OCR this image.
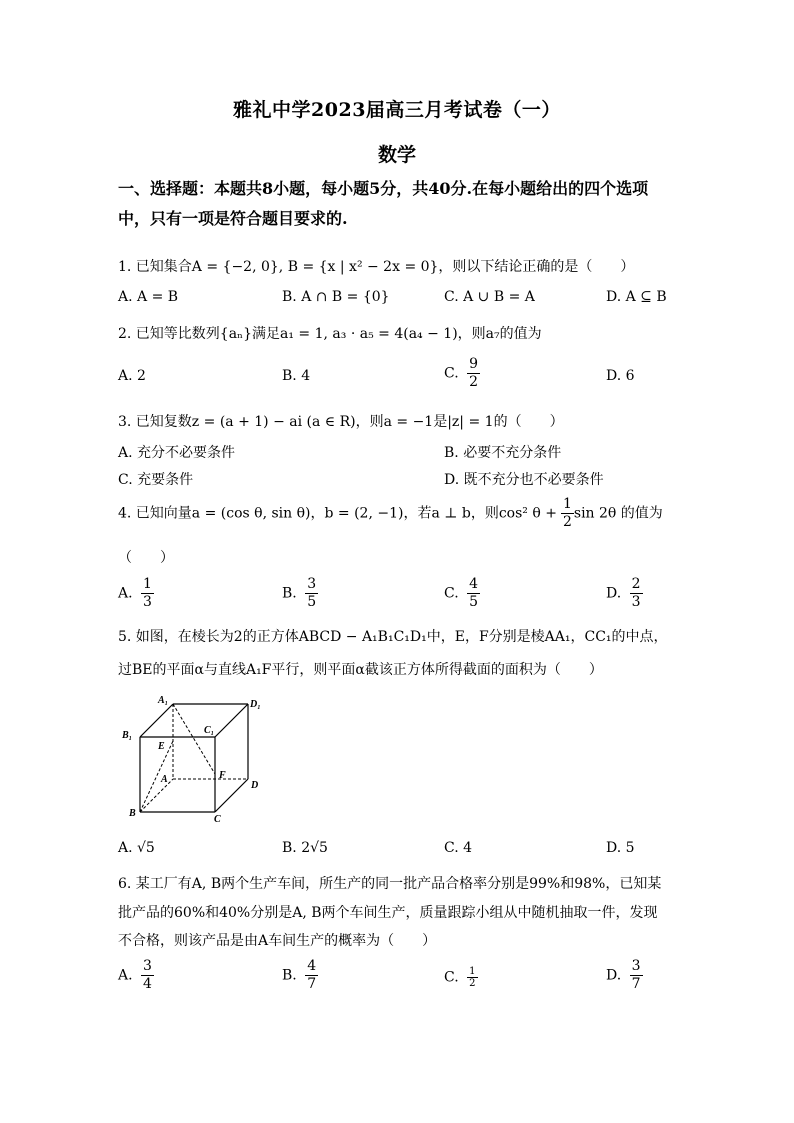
雅礼中学2023届高三月考试卷（一）
数学
一、选择题：本题共8小题，每小题5分，共40分.在每小题给出的四个选项
中，只有一项是符合题目要求的.
1. 已知集合A = {−2, 0}, B = {x | x² − 2x = 0}，则以下结论正确的是（　　）
A. A = B	B. A ∩ B = {0}	C. A ∪ B = A	D. A ⊆ B
2. 已知等比数列{aₙ}满足a₁ = 1, a₃ · a₅ = 4(a₄ − 1)，则a₇的值为
A. 2	B. 4	C. $\frac{9}{2}$	D. 6
3. 已知复数z = (a + 1) − ai (a ∈ R)，则a = −1是|z| = 1的（　　）
A. 充分不必要条件	B. 必要不充分条件
C. 充要条件	D. 既不充分也不必要条件
4. 已知向量a = (cos θ, sin θ)，b = (2, −1)，若a ⊥ b，则cos² $\theta + \frac{1}{2}$ sin 2θ 的值为
（　　）
A. $\frac{1}{3}$	B. $\frac{3}{5}$	C. $\frac{4}{5}$	D. $\frac{2}{3}$
5. 如图，在棱长为2的正方体ABCD − A₁B₁C₁D₁中，E，F分别是棱AA₁，CC₁的中点，
过BE的平面α与直线A₁F平行，则平面α截该正方体所得截面的面积为（　　）
A₁	D₁
B₁	C₁
E
A	F
D
B
C
A. √5	B. 2√5	C. 4	D. 5
6. 某工厂有A, B两个生产车间，所生产的同一批产品合格率分别是99%和98%，已知某
批产品的60%和40%分别是A, B两个车间生产，质量跟踪小组从中随机抽取一件，发现
不合格，则该产品是由A车间生产的概率为（　　）
A. $\frac{3}{4}$	B. $\frac{4}{7}$	C. $\frac{1}{2}$	D. $\frac{3}{7}$
